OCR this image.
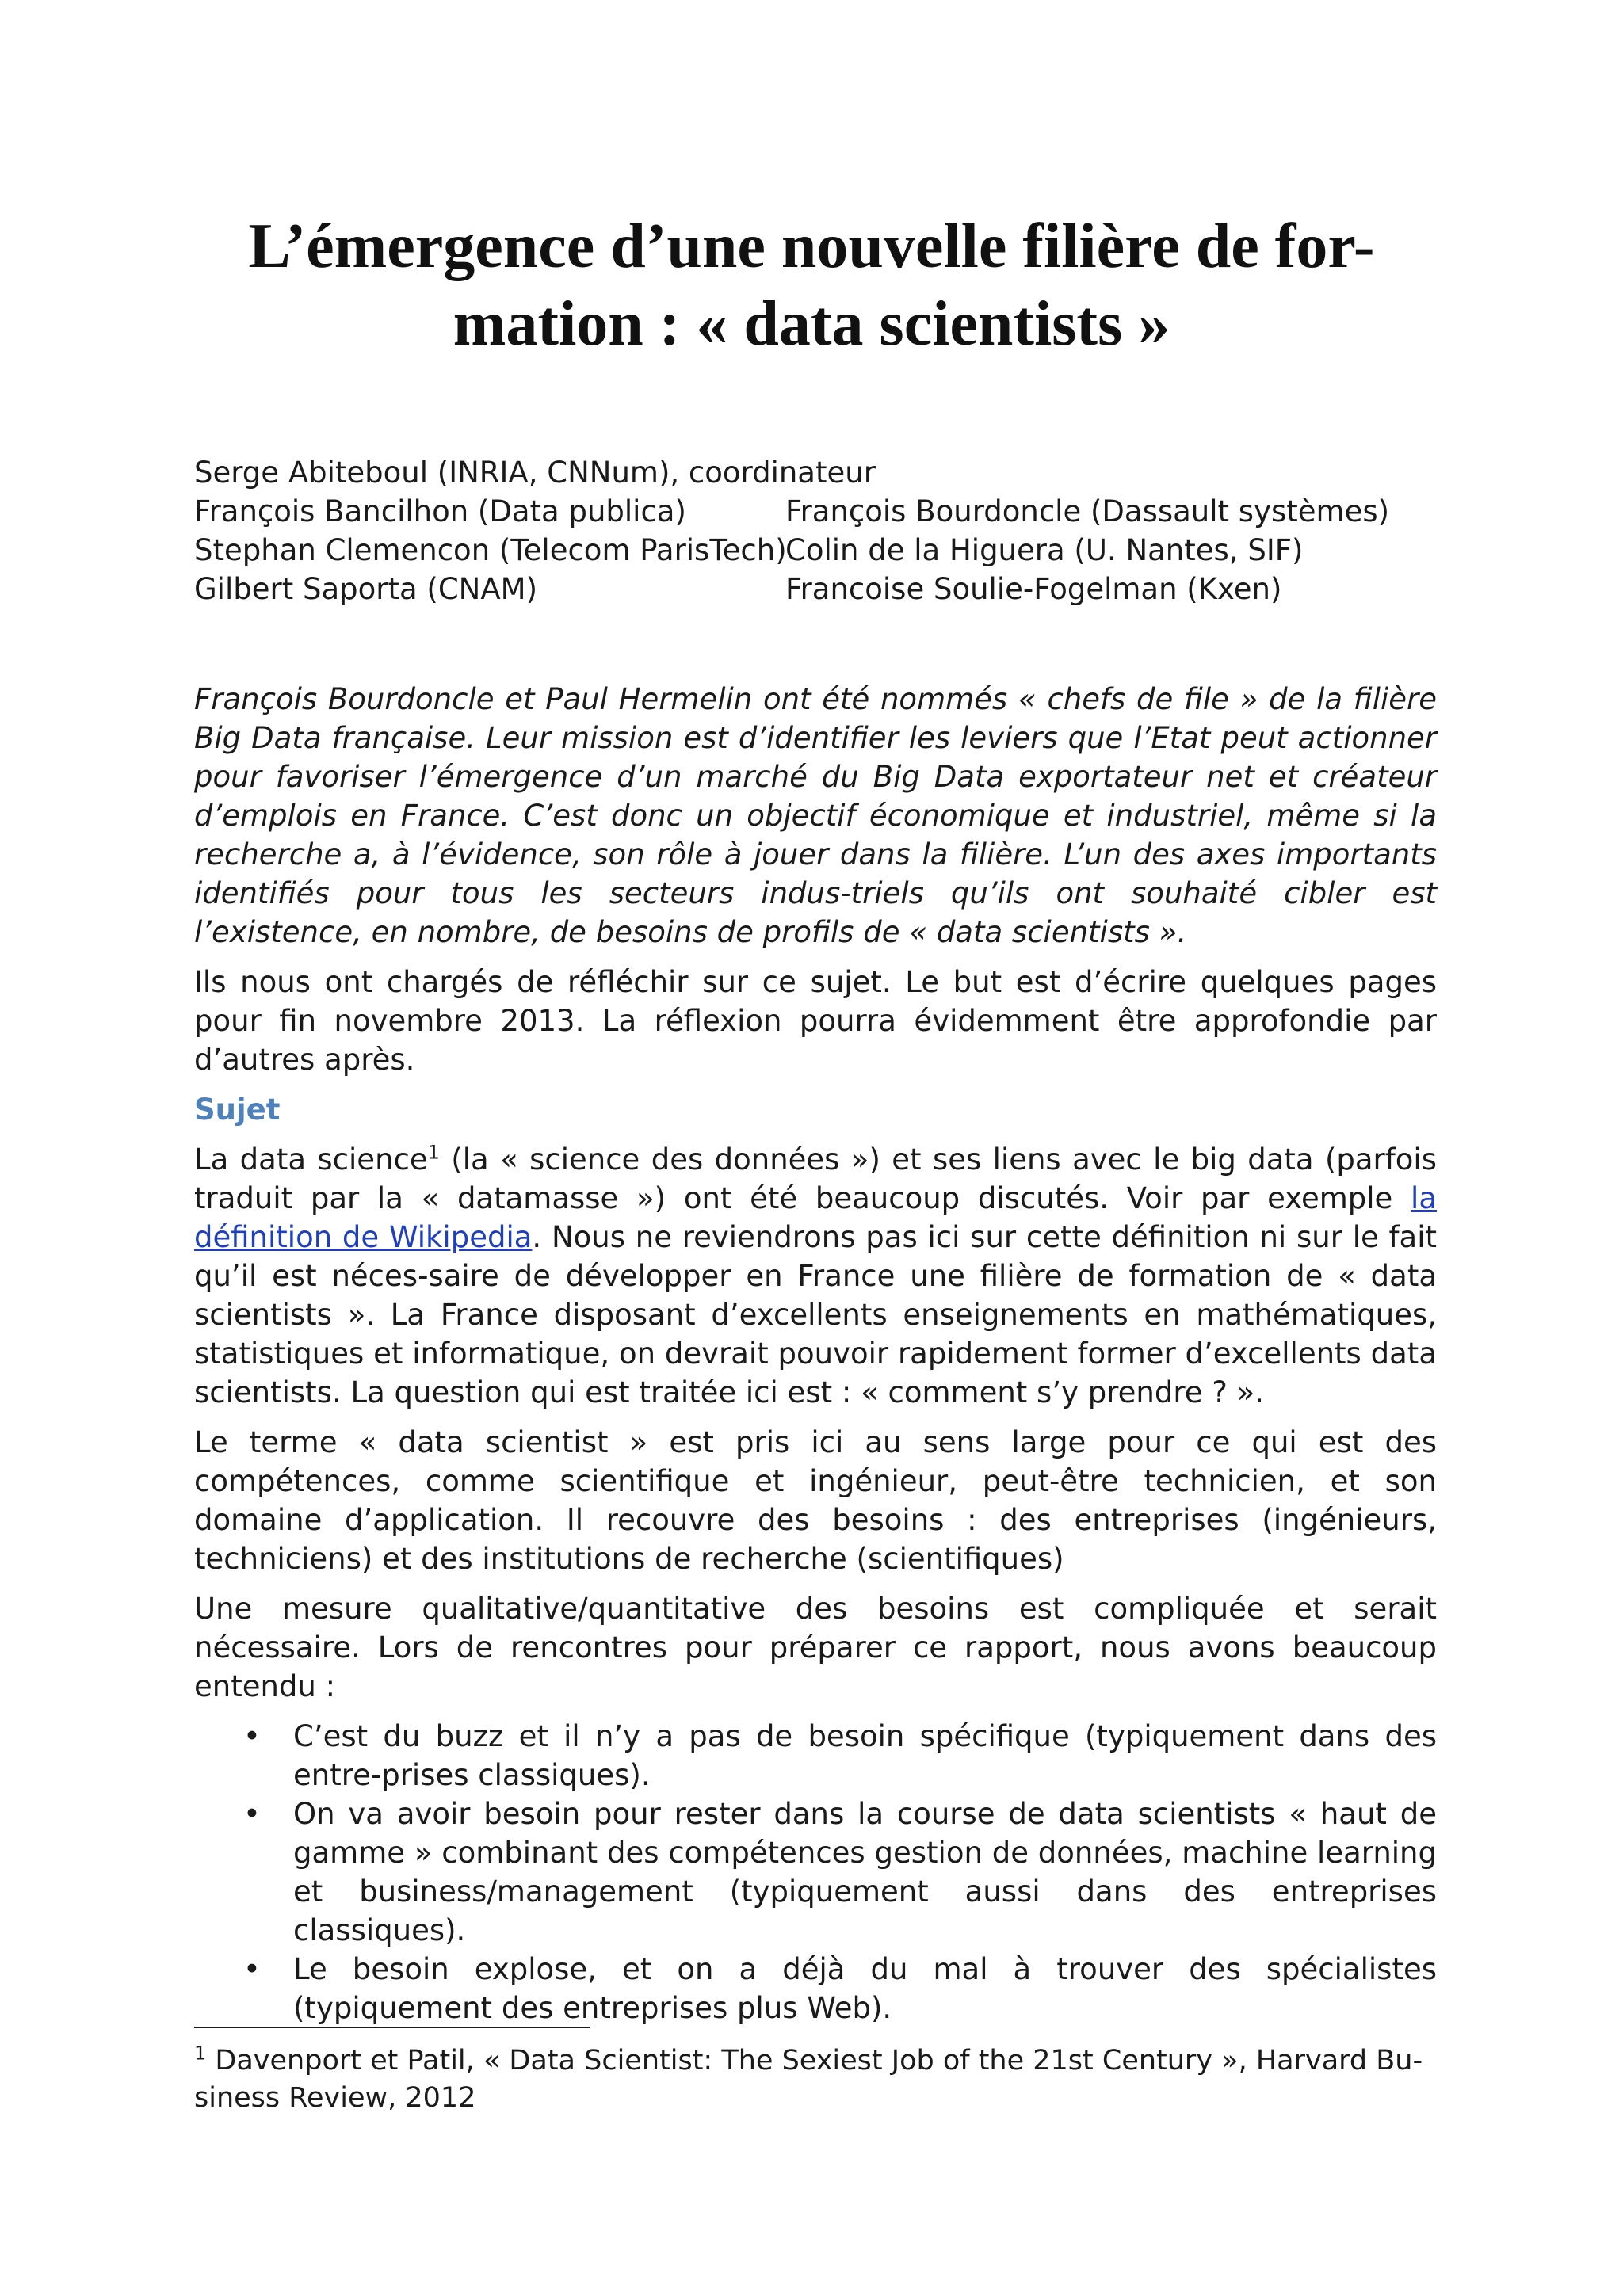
L’émergence d’une nouvelle filière de for-mation : « data scientists »
Serge Abiteboul (INRIA, CNNum), coordinateur
François Bancilhon (Data publica)	François Bourdoncle (Dassault systèmes)
Stephan Clemencon (Telecom ParisTech)
Colin de la Higuera (U. Nantes, SIF)
Gilbert Saporta (CNAM)	Francoise Soulie-Fogelman (Kxen)

François Bourdoncle et Paul Hermelin ont été nommés « chefs de file » de la filière Big Data française. Leur mission est d’identifier les leviers que l’Etat peut actionner pour favoriser l’émergence d’un marché du Big Data exportateur net et créateur d’emplois en France. C’est donc un objectif économique et industriel, même si la recherche a, à l’évidence, son rôle à jouer dans la filière. L’un des axes importants identifiés pour tous les secteurs indus-triels qu’ils ont souhaité cibler est l’existence, en nombre, de besoins de profils de « data scientists ».

Ils nous ont chargés de réfléchir sur ce sujet. Le but est d’écrire quelques pages pour fin novembre 2013. La réflexion pourra évidemment être approfondie par d’autres après.

Sujet

La data science$^1$ (la « science des données ») et ses liens avec le big data (parfois traduit par la « datamasse ») ont été beaucoup discutés. Voir par exemple la définition de Wikipedia. Nous ne reviendrons pas ici sur cette définition ni sur le fait qu’il est néces-saire de développer en France une filière de formation de « data scientists ». La France disposant d’excellents enseignements en mathématiques, statistiques et informatique, on devrait pouvoir rapidement former d’excellents data scientists. La question qui est traitée ici est : « comment s’y prendre ? ».

Le terme « data scientist » est pris ici au sens large pour ce qui est des compétences, comme scientifique et ingénieur, peut-être technicien, et son domaine d’application. Il recouvre des besoins : des entreprises (ingénieurs, techniciens) et des institutions de recherche (scientifiques)

Une mesure qualitative/quantitative des besoins est compliquée et serait nécessaire. Lors de rencontres pour préparer ce rapport, nous avons beaucoup entendu :

• C’est du buzz et il n’y a pas de besoin spécifique (typiquement dans des entre-prises classiques).
• On va avoir besoin pour rester dans la course de data scientists « haut de gamme » combinant des compétences gestion de données, machine learning et business/management (typiquement aussi dans des entreprises classiques).
• Le besoin explose, et on a déjà du mal à trouver des spécialistes (typiquement des entreprises plus Web).

$^1$ Davenport et Patil, « Data Scientist: The Sexiest Job of the 21st Century », Harvard Bu-siness Review, 2012
